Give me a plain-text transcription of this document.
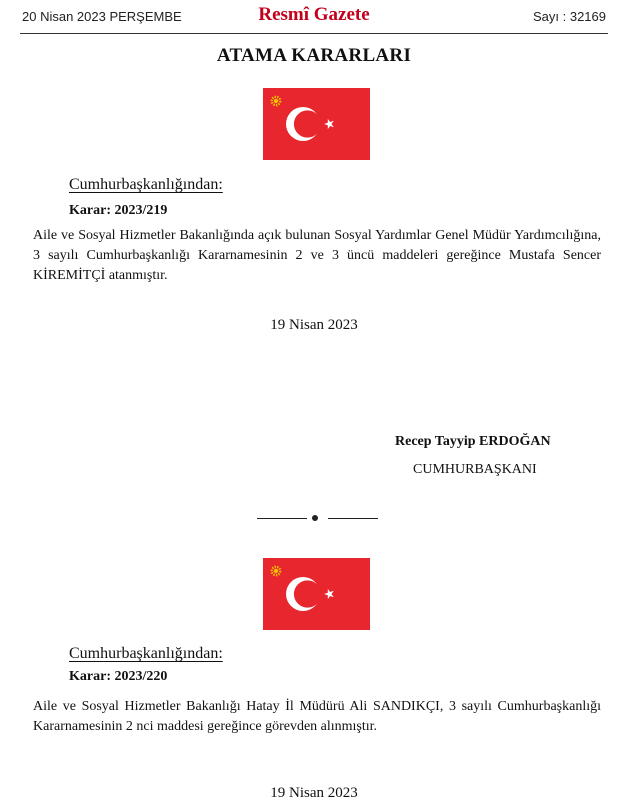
20 Nisan 2023 PERŞEMBE	Resmî Gazete	Sayı : 32169
ATAMA KARARLARI
Cumhurbaşkanlığından:
Karar: 2023/219
Aile ve Sosyal Hizmetler Bakanlığında açık bulunan Sosyal Yardımlar Genel Müdür Yardımcılığına, 3 sayılı Cumhurbaşkanlığı Kararnamesinin 2 ve 3 üncü maddeleri gereğince Mustafa Sencer KİREMİTÇİ atanmıştır.
19 Nisan 2023
Recep Tayyip ERDOĞAN
CUMHURBAŞKANI
Cumhurbaşkanlığından:
Karar: 2023/220
Aile ve Sosyal Hizmetler Bakanlığı Hatay İl Müdürü Ali SANDIKÇI, 3 sayılı Cumhurbaşkanlığı Kararnamesinin 2 nci maddesi gereğince görevden alınmıştır.
19 Nisan 2023
